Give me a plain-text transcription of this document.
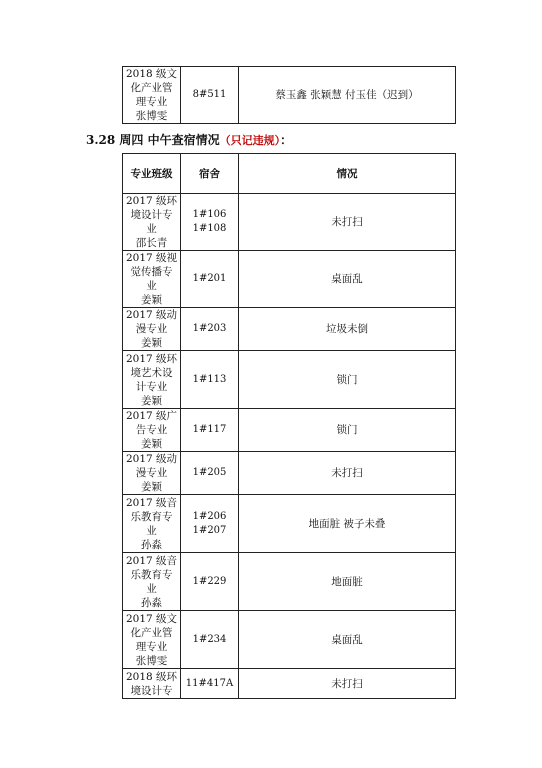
2018 级文
化产业管
理专业
张博雯	8#511	蔡玉鑫 张颖慧 付玉佳（迟到）

3.28 周四 中午查宿情况（只记违规）：

专业班级	宿舍	情况
2017 级环
境设计专
业
邵长青	1#106
1#108	未打扫
2017 级视
觉传播专
业
姜颖	1#201	桌面乱
2017 级动
漫专业
姜颖	1#203	垃圾未倒
2017 级环
境艺术设
计专业
姜颖	1#113	锁门
2017 级广
告专业
姜颖	1#117	锁门
2017 级动
漫专业
姜颖	1#205	未打扫
2017 级音
乐教育专
业
孙淼	1#206
1#207	地面脏 被子未叠
2017 级音
乐教育专
业
孙淼	1#229	地面脏
2017 级文
化产业管
理专业
张博雯	1#234	桌面乱
2018 级环
境设计专	11#417A	未打扫
